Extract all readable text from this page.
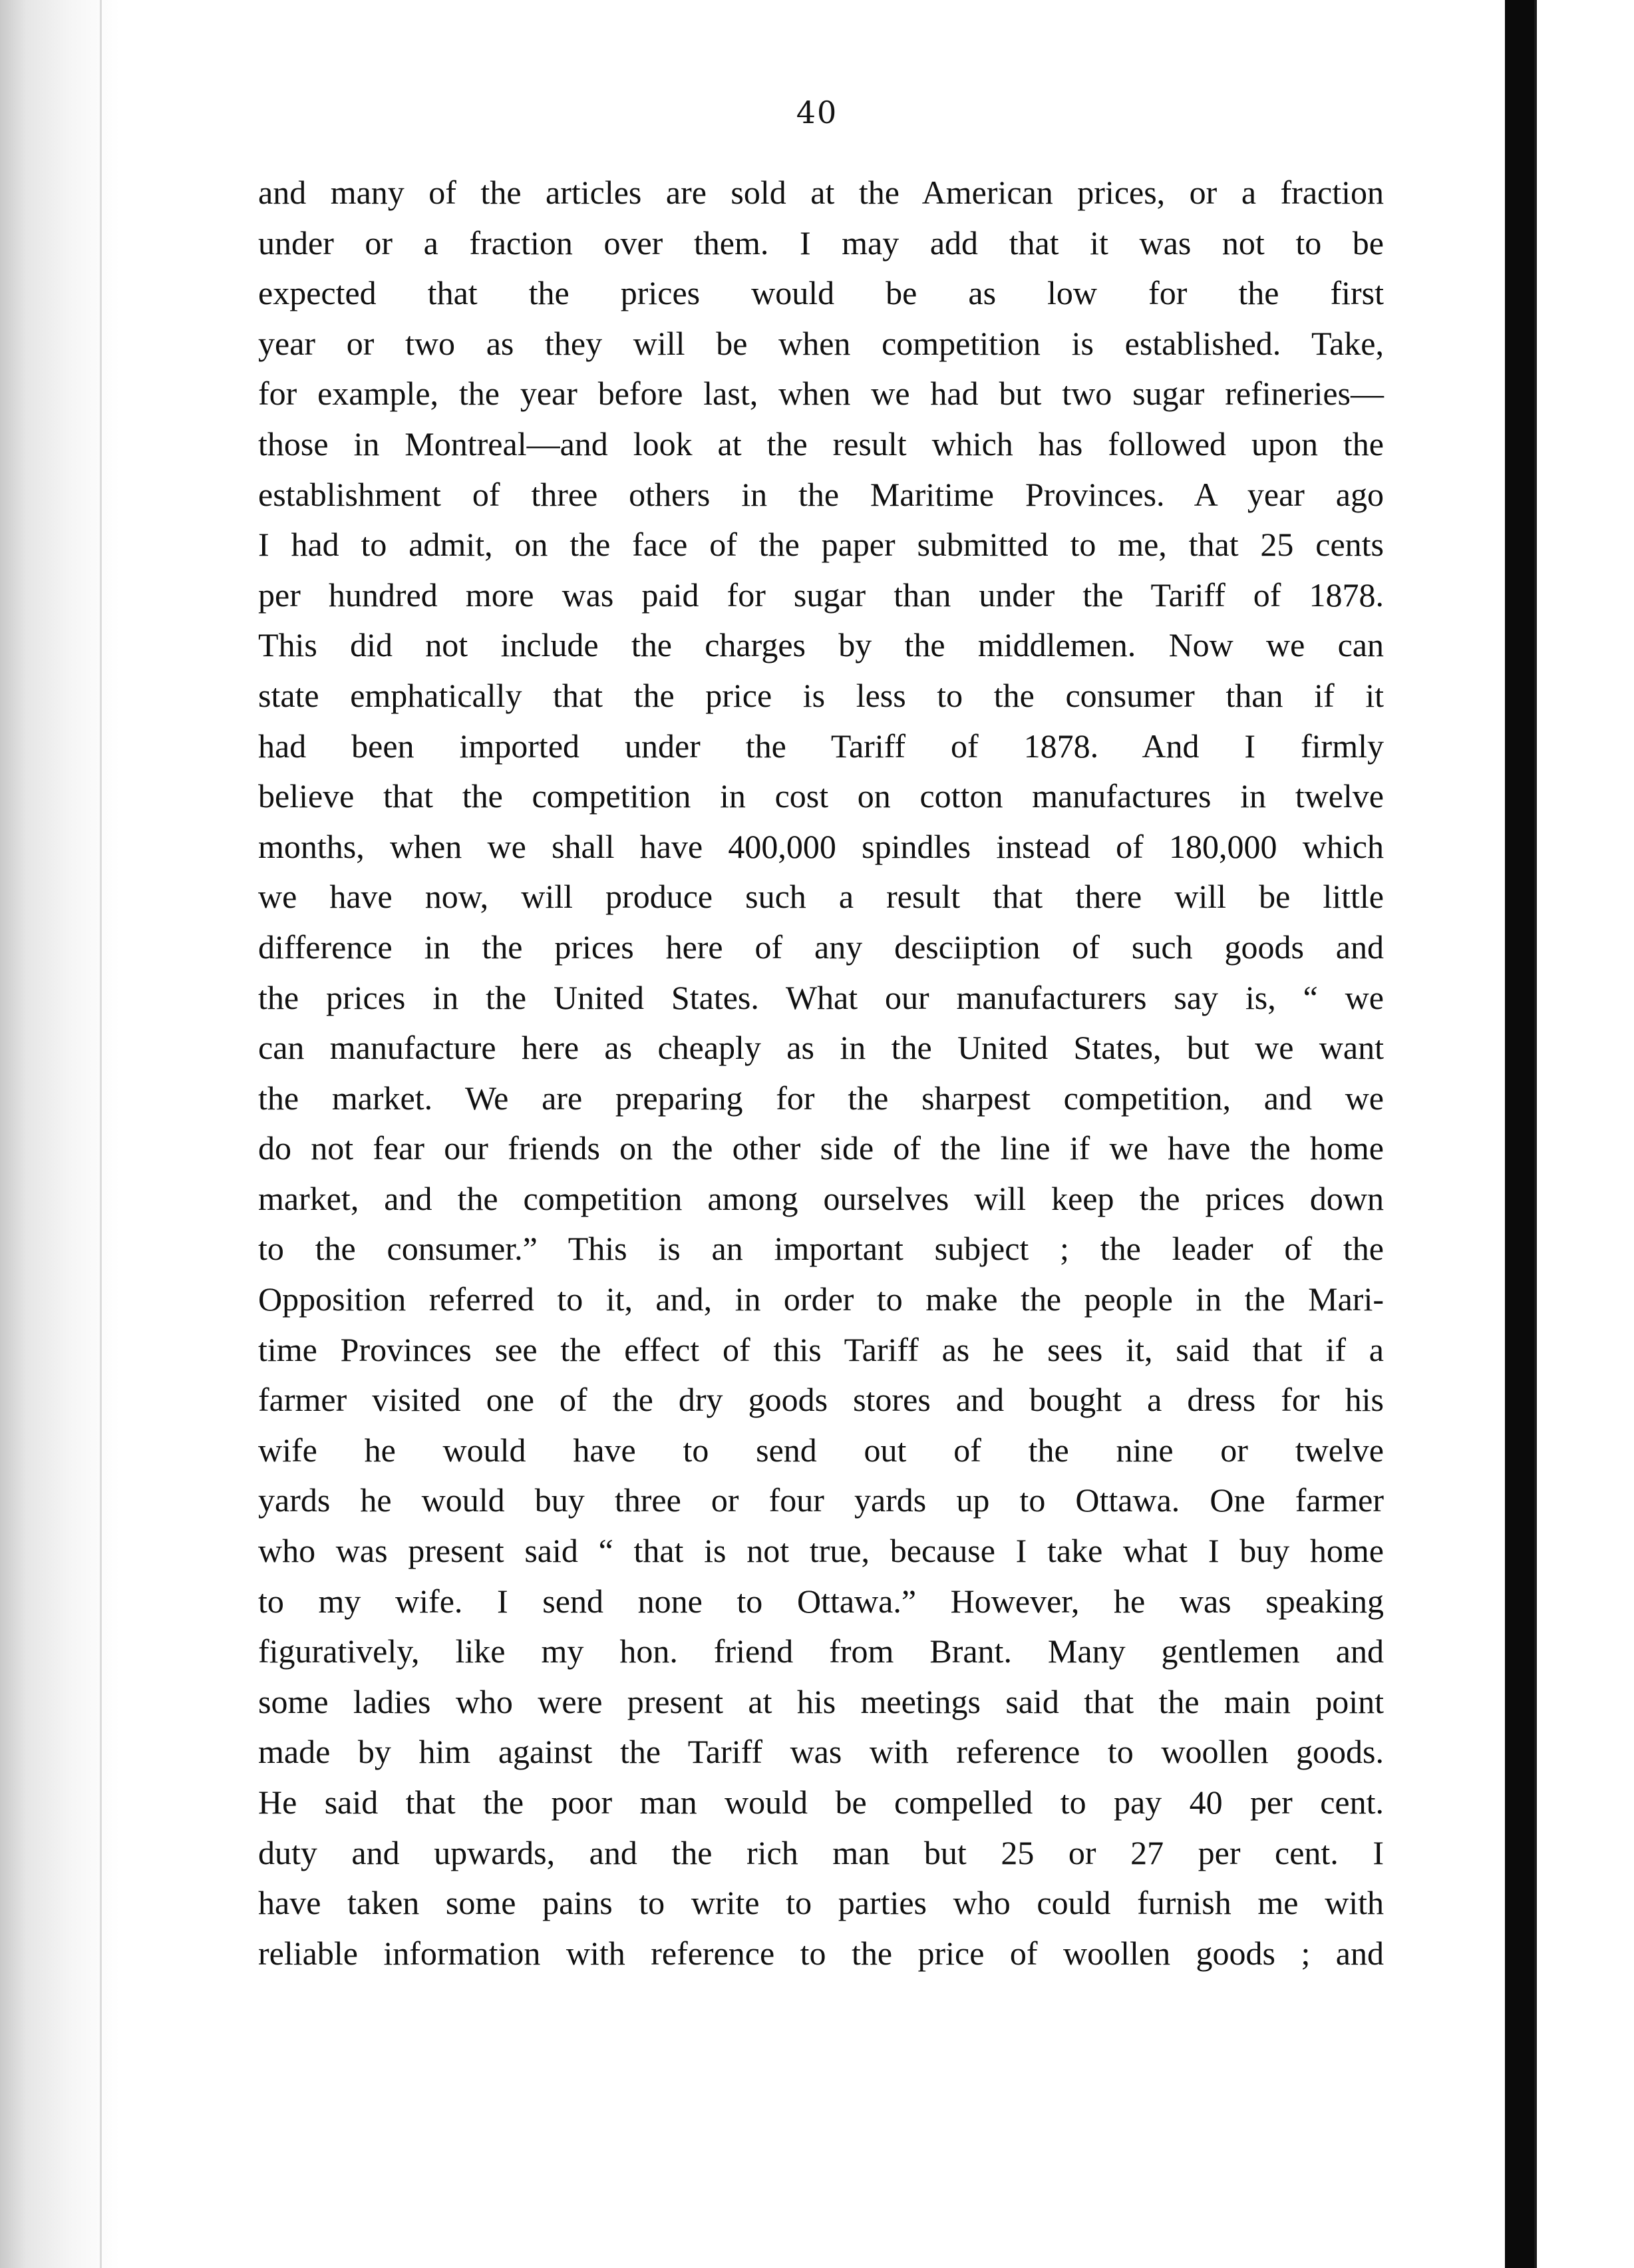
40
and many of the articles are sold at the American prices, or a fraction
under or a fraction over them. I may add that it was not to be
expected that the prices would be as low for the first
year or two as they will be when competition is established. Take,
for example, the year before last, when we had but two sugar refineries—
those in Montreal—and look at the result which has followed upon the
establishment of three others in the Maritime Provinces. A year ago
I had to admit, on the face of the paper submitted to me, that 25 cents
per hundred more was paid for sugar than under the Tariff of 1878.
This did not include the charges by the middlemen. Now we can
state emphatically that the price is less to the consumer than if it
had been imported under the Tariff of 1878. And I firmly
believe that the competition in cost on cotton manufactures in twelve
months, when we shall have 400,000 spindles instead of 180,000 which
we have now, will produce such a result that there will be little
difference in the prices here of any desciiption of such goods and
the prices in the United States. What our manufacturers say is, “ we
can manufacture here as cheaply as in the United States, but we want
the market. We are preparing for the sharpest competition, and we
do not fear our friends on the other side of the line if we have the home
market, and the competition among ourselves will keep the prices down
to the consumer.” This is an important subject ; the leader of the
Opposition referred to it, and, in order to make the people in the Mari-
time Provinces see the effect of this Tariff as he sees it, said that if a
farmer visited one of the dry goods stores and bought a dress for his
wife he would have to send out of the nine or twelve
yards he would buy three or four yards up to Ottawa. One farmer
who was present said “ that is not true, because I take what I buy home
to my wife. I send none to Ottawa.” However, he was speaking
figuratively, like my hon. friend from Brant. Many gentlemen and
some ladies who were present at his meetings said that the main point
made by him against the Tariff was with reference to woollen goods.
He said that the poor man would be compelled to pay 40 per cent.
duty and upwards, and the rich man but 25 or 27 per cent. I
have taken some pains to write to parties who could furnish me with
reliable information with reference to the price of woollen goods ; and
